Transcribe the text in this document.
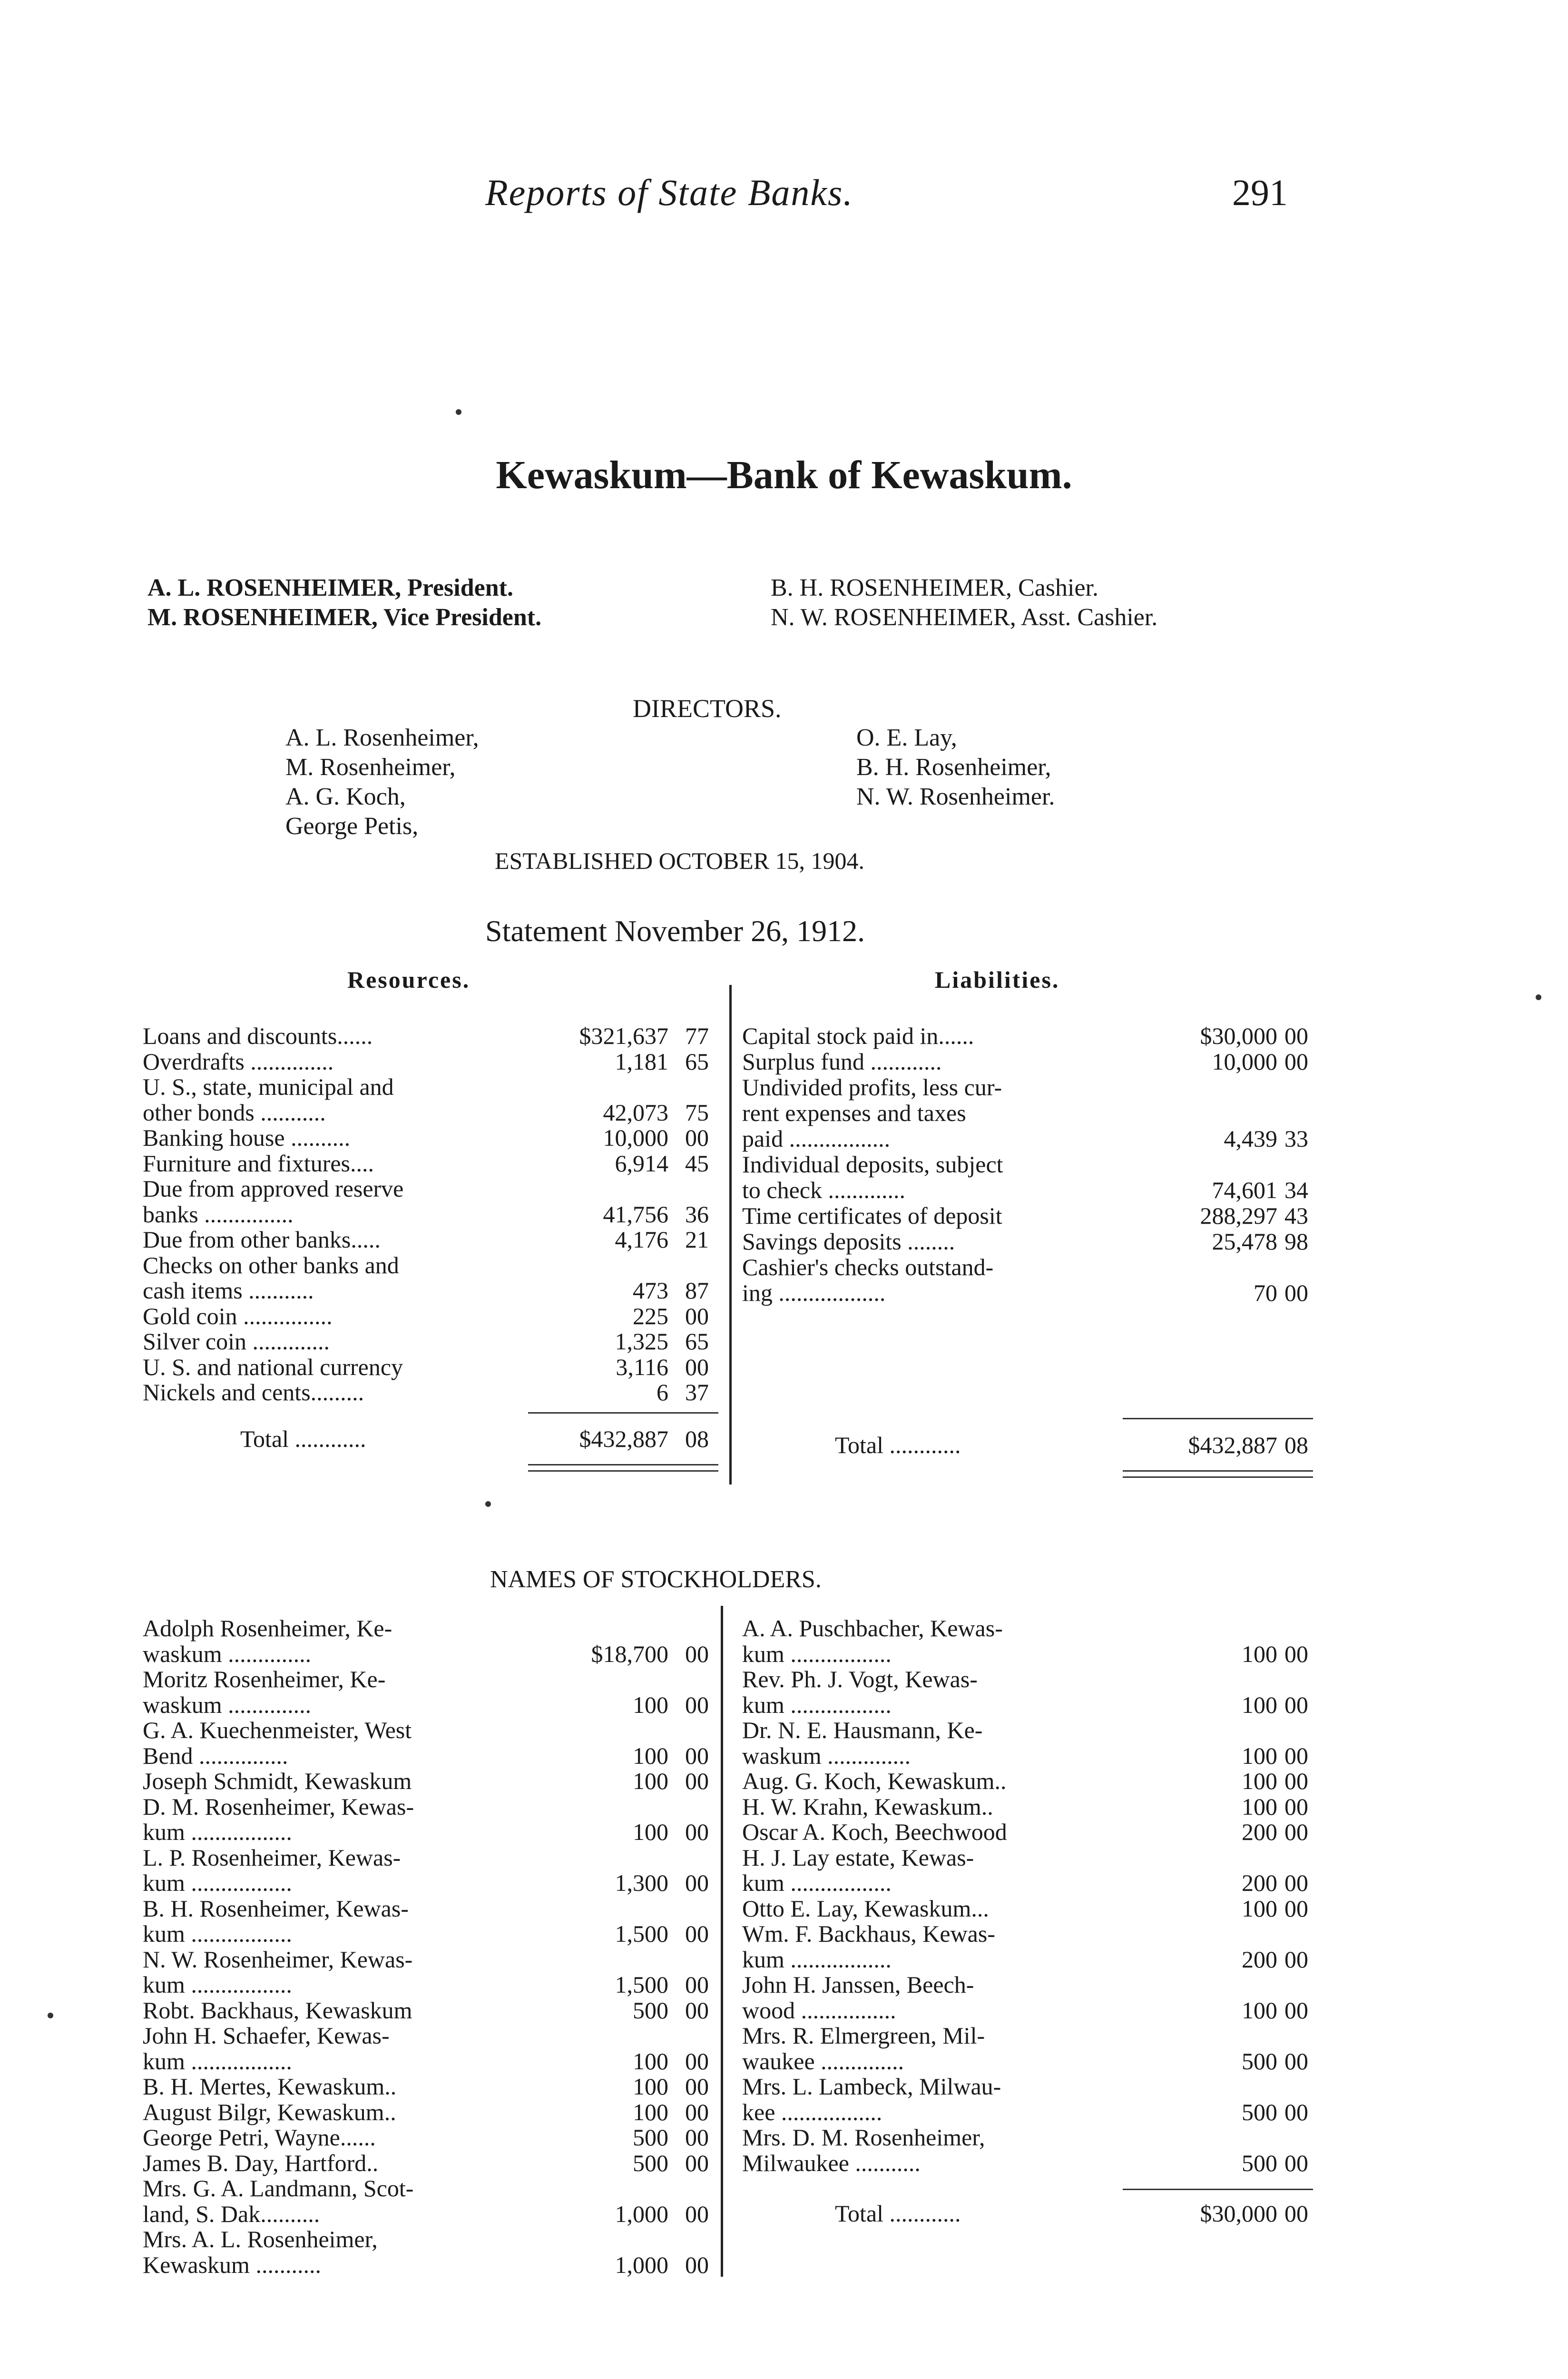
Reports of State Banks.	291
Kewaskum—Bank of Kewaskum.
A. L. ROSENHEIMER, President.
M. ROSENHEIMER, Vice President.
B. H. ROSENHEIMER, Cashier.
N. W. ROSENHEIMER, Asst. Cashier.
DIRECTORS.
A. L. Rosenheimer,
M. Rosenheimer,
A. G. Koch,
George Petis,
O. E. Lay,
B. H. Rosenheimer,
N. W. Rosenheimer.
ESTABLISHED OCTOBER 15, 1904.
Statement November 26, 1912.
Resources.	Liabilities.
Loans and discounts......	$321,637 77
Overdrafts ..............	1,181 65
U. S., state, municipal and
other bonds ...........	42,073 75
Banking house ..........	10,000 00
Furniture and fixtures....	6,914 45
Due from approved reserve
banks ...............	41,756 36
Due from other banks.....	4,176 21
Checks on other banks and
cash items ...........	473 87
Gold coin ...............	225 00
Silver coin .............	1,325 65
U. S. and national currency	3,116 00
Nickels and cents.........	6 37
Capital stock paid in......	$30,000 00
Surplus fund ............	10,000 00
Undivided profits, less cur-
rent expenses and taxes
paid .................	4,439 33
Individual deposits, subject
to check .............	74,601 34
Time certificates of deposit	288,297 43
Savings deposits ........	25,478 98
Cashier's checks outstand-
ing ..................	70 00
Total ............	$432,887 08	Total ............	$432,887 08
NAMES OF STOCKHOLDERS.
Adolph Rosenheimer, Ke-
waskum ..............	$18,700 00
Moritz Rosenheimer, Ke-
waskum ..............	100 00
G. A. Kuechenmeister, West
Bend ...............	100 00
Joseph Schmidt, Kewaskum	100 00
D. M. Rosenheimer, Kewas-
kum .................	100 00
L. P. Rosenheimer, Kewas-
kum .................	1,300 00
B. H. Rosenheimer, Kewas-
kum .................	1,500 00
N. W. Rosenheimer, Kewas-
kum .................	1,500 00
Robt. Backhaus, Kewaskum	500 00
John H. Schaefer, Kewas-
kum .................	100 00
B. H. Mertes, Kewaskum..	100 00
August Bilgr, Kewaskum..	100 00
George Petri, Wayne......	500 00
James B. Day, Hartford..	500 00
Mrs. G. A. Landmann, Scot-
land, S. Dak..........	1,000 00
Mrs. A. L. Rosenheimer,
Kewaskum ...........	1,000 00
A. A. Puschbacher, Kewas-
kum .................	100 00
Rev. Ph. J. Vogt, Kewas-
kum .................	100 00
Dr. N. E. Hausmann, Ke-
waskum ..............	100 00
Aug. G. Koch, Kewaskum..	100 00
H. W. Krahn, Kewaskum..	100 00
Oscar A. Koch, Beechwood	200 00
H. J. Lay estate, Kewas-
kum .................	200 00
Otto E. Lay, Kewaskum...	100 00
Wm. F. Backhaus, Kewas-
kum .................	200 00
John H. Janssen, Beech-
wood ................	100 00
Mrs. R. Elmergreen, Mil-
waukee ..............	500 00
Mrs. L. Lambeck, Milwau-
kee .................	500 00
Mrs. D. M. Rosenheimer,
Milwaukee ...........	500 00
Total ............	$30,000 00
